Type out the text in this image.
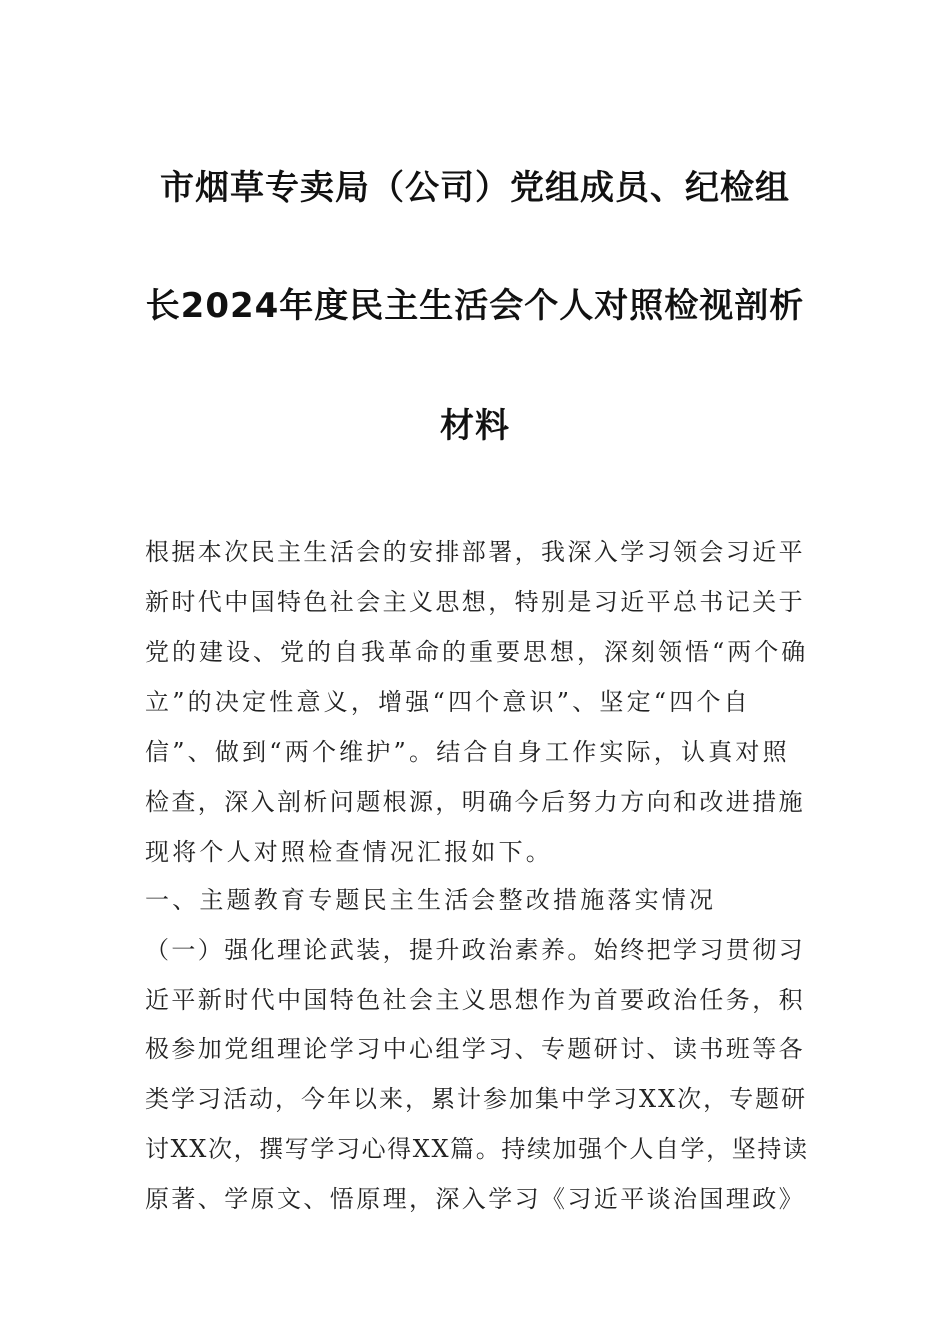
市烟草专卖局（公司）党组成员、纪检组
长2024年度民主生活会个人对照检视剖析
材料
根据本次民主生活会的安排部署，我深入学习领会习近平
新时代中国特色社会主义思想，特别是习近平总书记关于
党的建设、党的自我革命的重要思想，深刻领悟“两个确
立”的决定性意义，增强“四个意识”、坚定“四个自
信”、做到“两个维护”。结合自身工作实际，认真对照
检查，深入剖析问题根源，明确今后努力方向和改进措施
现将个人对照检查情况汇报如下。
一、主题教育专题民主生活会整改措施落实情况
（一）强化理论武装，提升政治素养。始终把学习贯彻习
近平新时代中国特色社会主义思想作为首要政治任务，积
极参加党组理论学习中心组学习、专题研讨、读书班等各
类学习活动，今年以来，累计参加集中学习XX次，专题研
讨XX次，撰写学习心得XX篇。持续加强个人自学，坚持读
原著、学原文、悟原理，深入学习《习近平谈治国理政》
